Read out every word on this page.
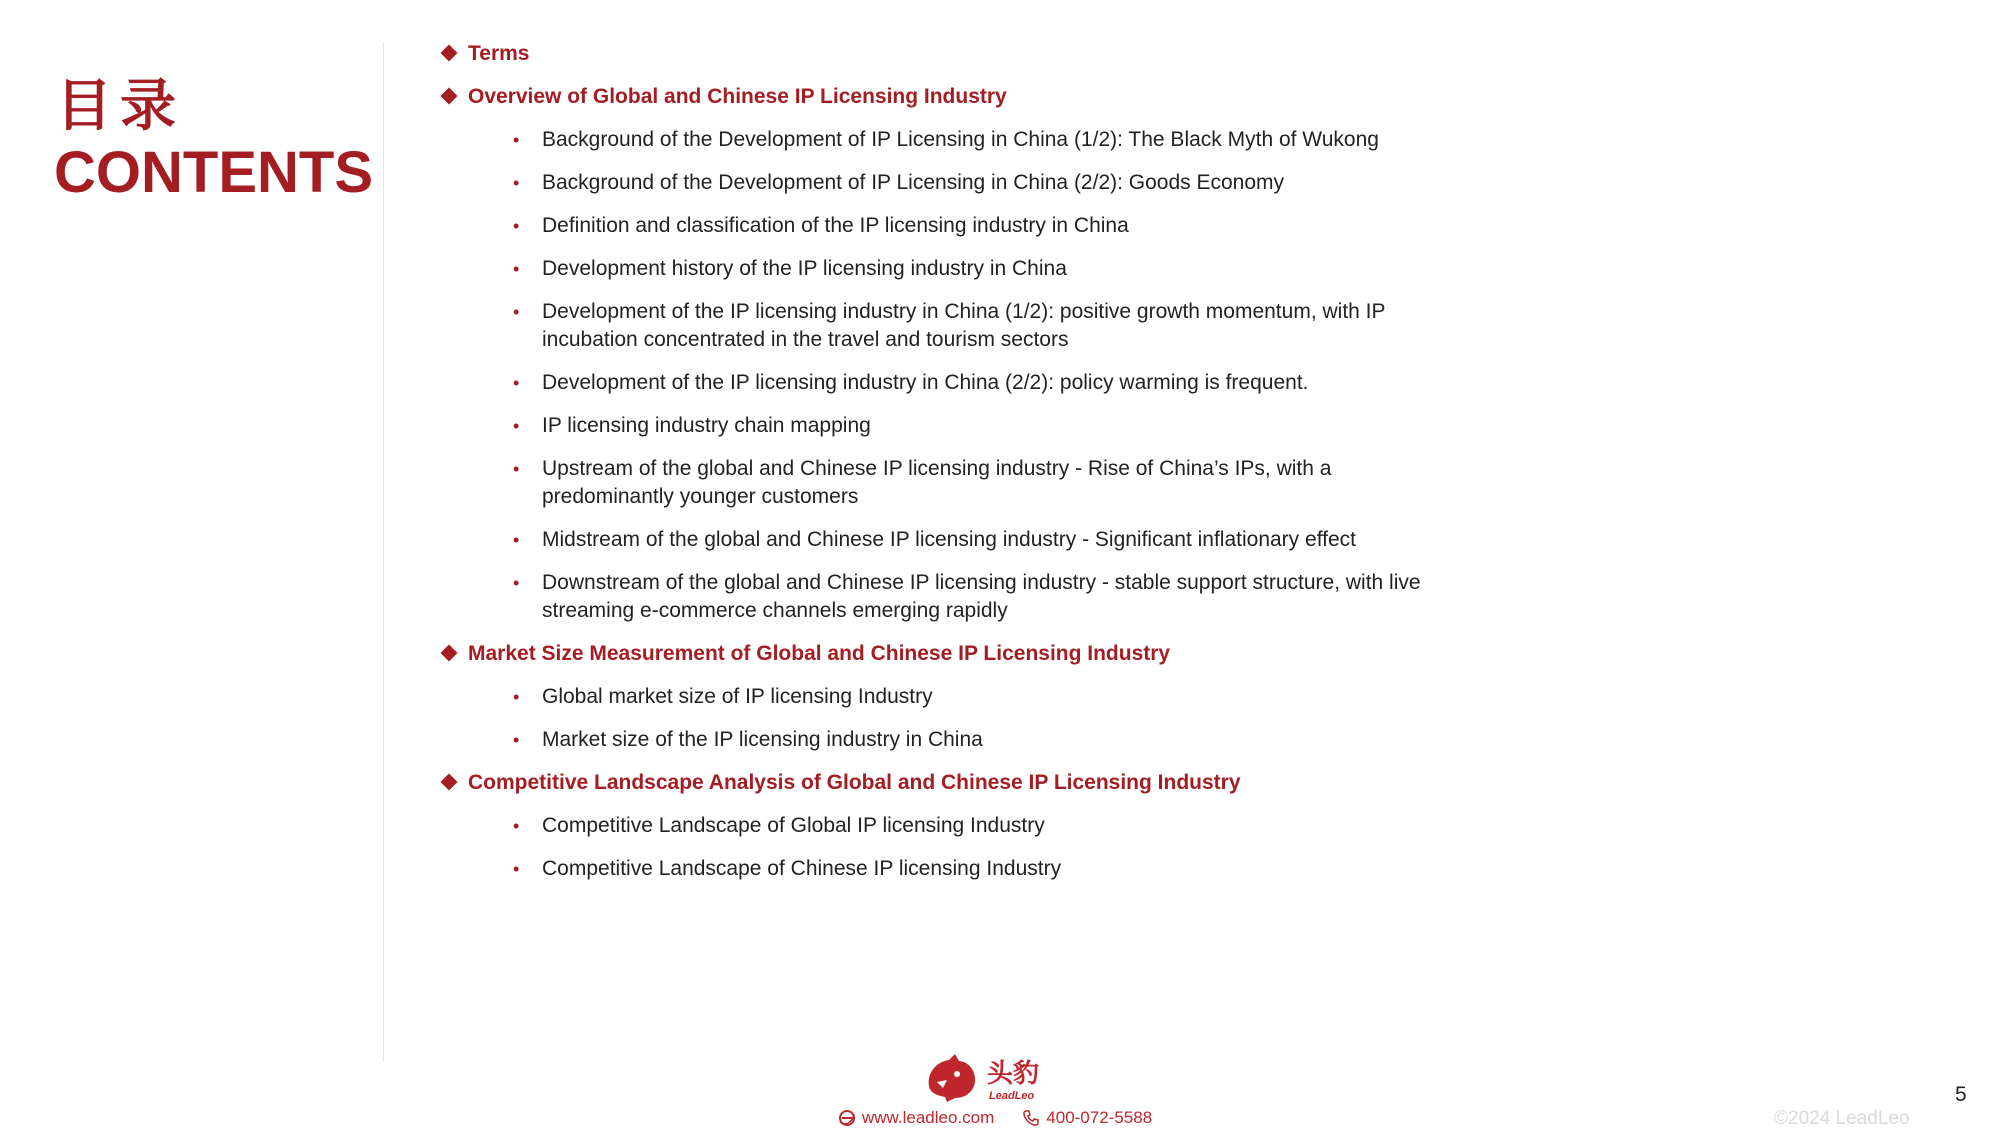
目录
CONTENTS
Terms
Overview of Global and Chinese IP Licensing Industry
• Background of the Development of IP Licensing in China (1/2): The Black Myth of Wukong
• Background of the Development of IP Licensing in China (2/2): Goods Economy
• Definition and classification of the IP licensing industry in China
• Development history of the IP licensing industry in China
• Development of the IP licensing industry in China (1/2): positive growth momentum, with IP incubation concentrated in the travel and tourism sectors
• Development of the IP licensing industry in China (2/2): policy warming is frequent.
• IP licensing industry chain mapping
• Upstream of the global and Chinese IP licensing industry - Rise of China’s IPs, with a predominantly younger customers
• Midstream of the global and Chinese IP licensing industry - Significant inflationary effect
• Downstream of the global and Chinese IP licensing industry - stable support structure, with live streaming e-commerce channels emerging rapidly
Market Size Measurement of Global and Chinese IP Licensing Industry
• Global market size of IP licensing Industry
• Market size of the IP licensing industry in China
Competitive Landscape Analysis of Global and Chinese IP Licensing Industry
• Competitive Landscape of Global IP licensing Industry
• Competitive Landscape of Chinese IP licensing Industry
头豹
LeadLeo
www.leadleo.com	400-072-5588
5
©2024 LeadLeo
